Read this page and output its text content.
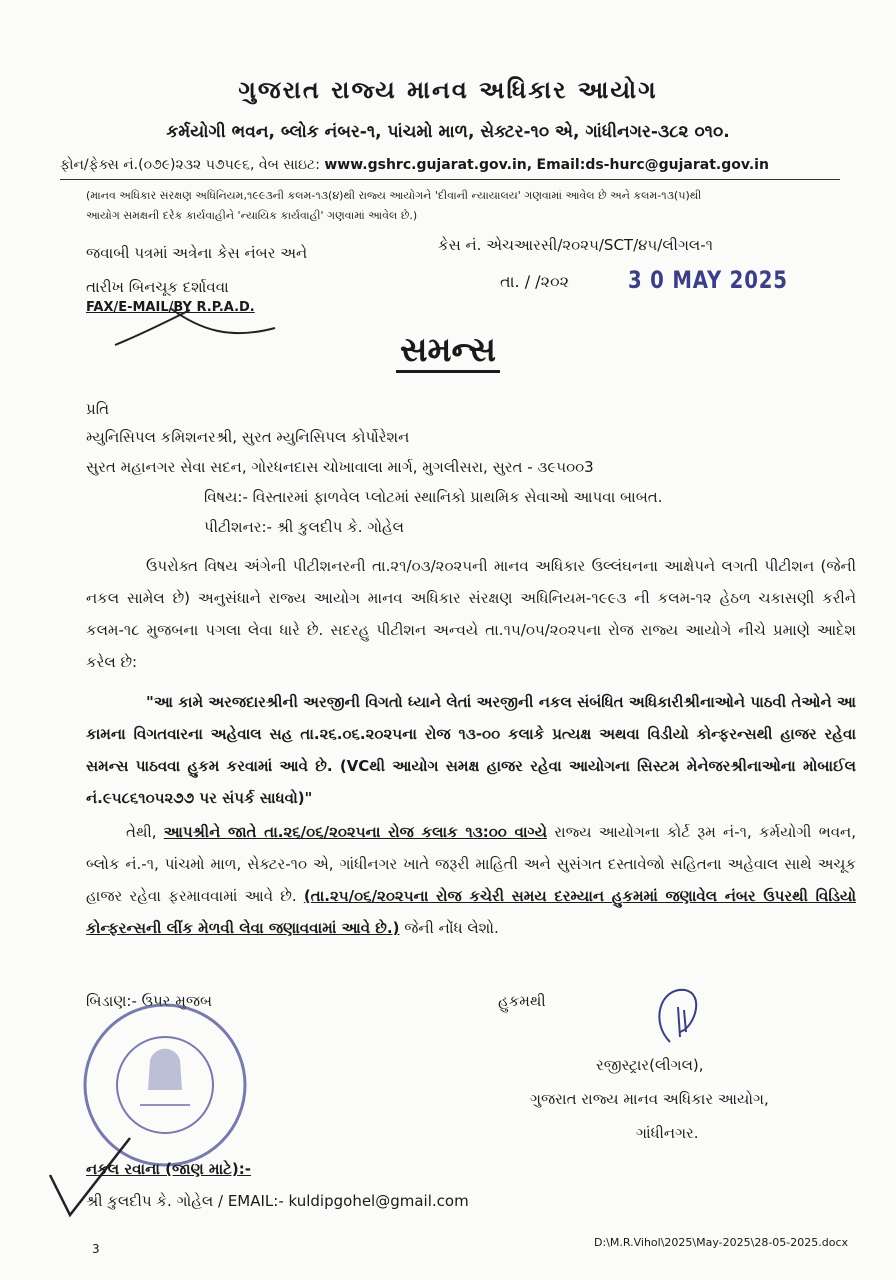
ગુજરાત રાજ્ય માનવ અધિકાર આયોગ
કર્મયોગી ભવન, બ્લોક નંબર-૧, પાંચમો માળ, સેક્ટર-૧૦ એ, ગાંધીનગર-૩૮૨ ૦૧૦.
ફોન/ફેક્સ નં.(૦૭૯)૨૩૨ ૫૭૫૯૬, વેબ સાઇટ: www.gshrc.gujarat.gov.in, Email:ds-hurc@gujarat.gov.in
(માનવ અધિકાર સંરક્ષણ અધિનિયમ,૧૯૯૩ની કલમ-૧૩(૪)થી રાજ્ય આયોગને 'દીવાની ન્યાયાલય' ગણવામાં આવેલ છે અને કલમ-૧૩(૫)થી
આયોગ સમક્ષની દરેક કાર્યવાહીને 'ન્યાયિક કાર્યવાહી' ગણવામાં આવેલ છે.)
જવાબી પત્રમાં અત્રેના કેસ નંબર અને
તારીખ બિનચૂક દર્શાવવા
FAX/E-MAIL/BY R.P.A.D.
કેસ નં. એચઆરસી/૨૦૨૫/SCT/૪૫/લીગલ-૧
તા. / /૨૦૨ 3 0 MAY 2025
સમન્સ
પ્રતિ
મ્યુનિસિપલ કમિશનરશ્રી, સુરત મ્યુનિસિપલ કોર્પોરેશન
સુરત મહાનગર સેવા સદન, ગોરધનદાસ ચોખાવાલા માર્ગ, મુગલીસરા, સુરત - ૩૯૫૦૦3
વિષય:- વિસ્તારમાં ફાળવેલ પ્લોટમાં સ્થાનિકો પ્રાથમિક સેવાઓ આપવા બાબત.
પીટીશનર:- શ્રી કુલદીપ કે. ગોહેલ
ઉપરોક્ત વિષય અંગેની પીટીશનરની તા.૨૧/૦૩/૨૦૨૫ની માનવ અધિકાર ઉલ્લંઘનના આક્ષેપને લગતી પીટીશન (જેની નકલ સામેલ છે) અનુસંધાને રાજ્ય આયોગ માનવ અધિકાર સંરક્ષણ અધિનિયમ-૧૯૯૩ ની કલમ-૧૨ હેઠળ ચકાસણી કરીને કલમ-૧૮ મુજબના પગલા લેવા ધારે છે. સદરહુ પીટીશન અન્વયે તા.૧૫/૦૫/૨૦૨૫ના રોજ રાજ્ય આયોગે નીચે પ્રમાણે આદેશ કરેલ છે:
"આ કામે અરજદારશ્રીની અરજીની વિગતો ધ્યાને લેતાં અરજીની નકલ સંબંધિત અધિકારીશ્રીનાઓને પાઠવી તેઓને આ કામના વિગતવારના અહેવાલ સહ તા.૨૬.૦૬.૨૦૨૫ના રોજ ૧૩-૦૦ કલાકે પ્રત્યક્ષ અથવા વિડીયો કોન્ફરન્સથી હાજર રહેવા સમન્સ પાઠવવા હુકમ કરવામાં આવે છે. (VCથી આયોગ સમક્ષ હાજર રહેવા આયોગના સિસ્ટમ મેનેજરશ્રીનાઓના મોબાઈલ નં.૯૫૮૬૧૦૫૨૭૭ પર સંપર્ક સાધવો)"
તેથી, આપશ્રીને જાતે તા.૨૬/૦૬/૨૦૨૫ના રોજ કલાક ૧૩:૦૦ વાગ્યે રાજ્ય આયોગના કોર્ટ રૂમ નં-૧, કર્મયોગી ભવન, બ્લોક નં.-૧, પાંચમો માળ, સેક્ટર-૧૦ એ, ગાંધીનગર ખાતે જરૂરી માહિતી અને સુસંગત દસ્તાવેજો સહિતના અહેવાલ સાથે અચૂક હાજર રહેવા ફરમાવવામાં આવે છે. (તા.૨૫/૦૬/૨૦૨૫ના રોજ કચેરી સમય દરમ્યાન હુકમમાં જણાવેલ નંબર ઉપરથી વિડિયો કોન્ફરન્સની લીંક મેળવી લેવા જણાવવામાં આવે છે.) જેની નોંધ લેશો.
બિડાણ:- ઉપર મુજબ	હુકમથી
રજીસ્ટ્રાર(લીગલ),
ગુજરાત રાજ્ય માનવ અધિકાર આયોગ,
ગાંધીનગર.
નકલ રવાના (જાણ માટે):-
શ્રી કુલદીપ કે. ગોહેલ / EMAIL:- kuldipgohel@gmail.com
3	D:\M.R.Vihol\2025\May-2025\28-05-2025.docx
